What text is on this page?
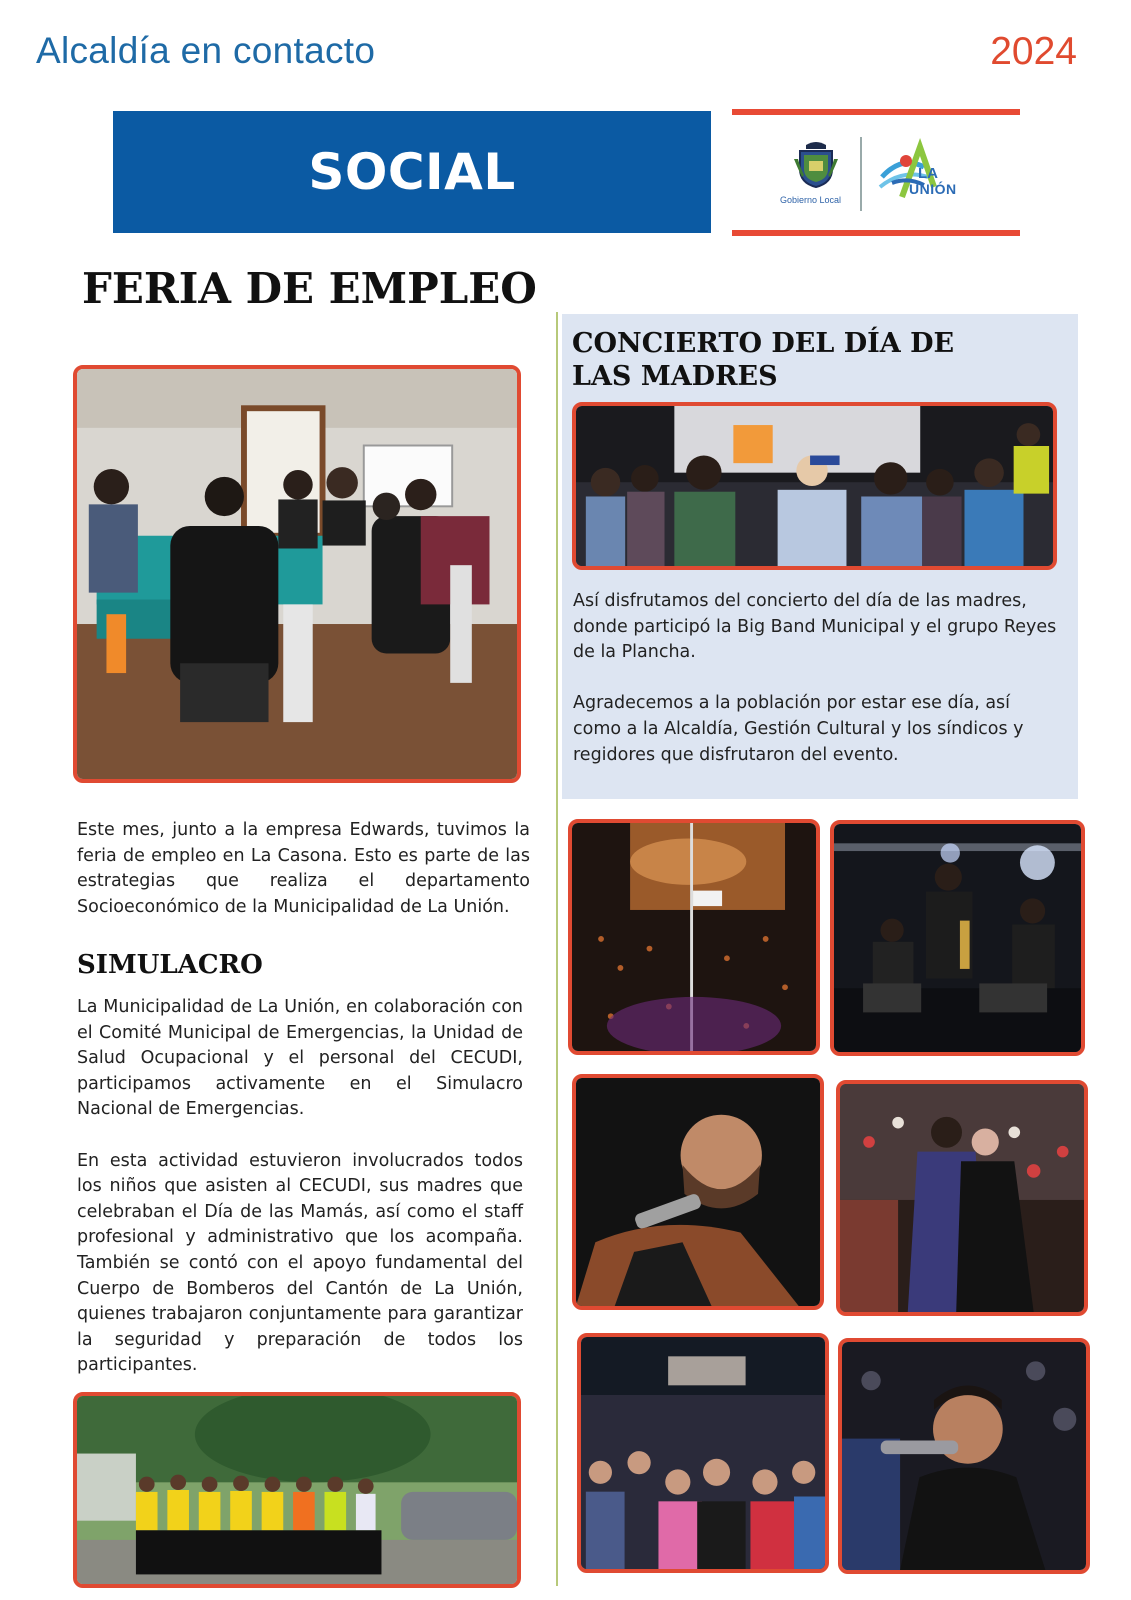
Alcaldía en contacto	2024
SOCIAL	Gobierno Local
LA
UNIÓN
FERIA DE EMPLEO

Este mes, junto a la empresa Edwards, tuvimos la feria de empleo en La Casona. Esto es parte de las estrategias que realiza el departamento Socioeconómico de la Municipalidad de La Unión.

SIMULACRO

La Municipalidad de La Unión, en colaboración con el Comité Municipal de Emergencias, la Unidad de Salud Ocupacional y el personal del CECUDI, participamos activamente en el Simulacro Nacional de Emergencias.

En esta actividad estuvieron involucrados todos los niños que asisten al CECUDI, sus madres que celebraban el Día de las Mamás, así como el staff profesional y administrativo que los acompaña. También se contó con el apoyo fundamental del Cuerpo de Bomberos del Cantón de La Unión, quienes trabajaron conjuntamente para garantizar la seguridad y preparación de todos los participantes.

CONCIERTO DEL DÍA DE LAS MADRES

Así disfrutamos del concierto del día de las madres, donde participó la Big Band Municipal y el grupo Reyes de la Plancha.

Agradecemos a la población por estar ese día, así como a la Alcaldía, Gestión Cultural y los síndicos y regidores que disfrutaron del evento.
